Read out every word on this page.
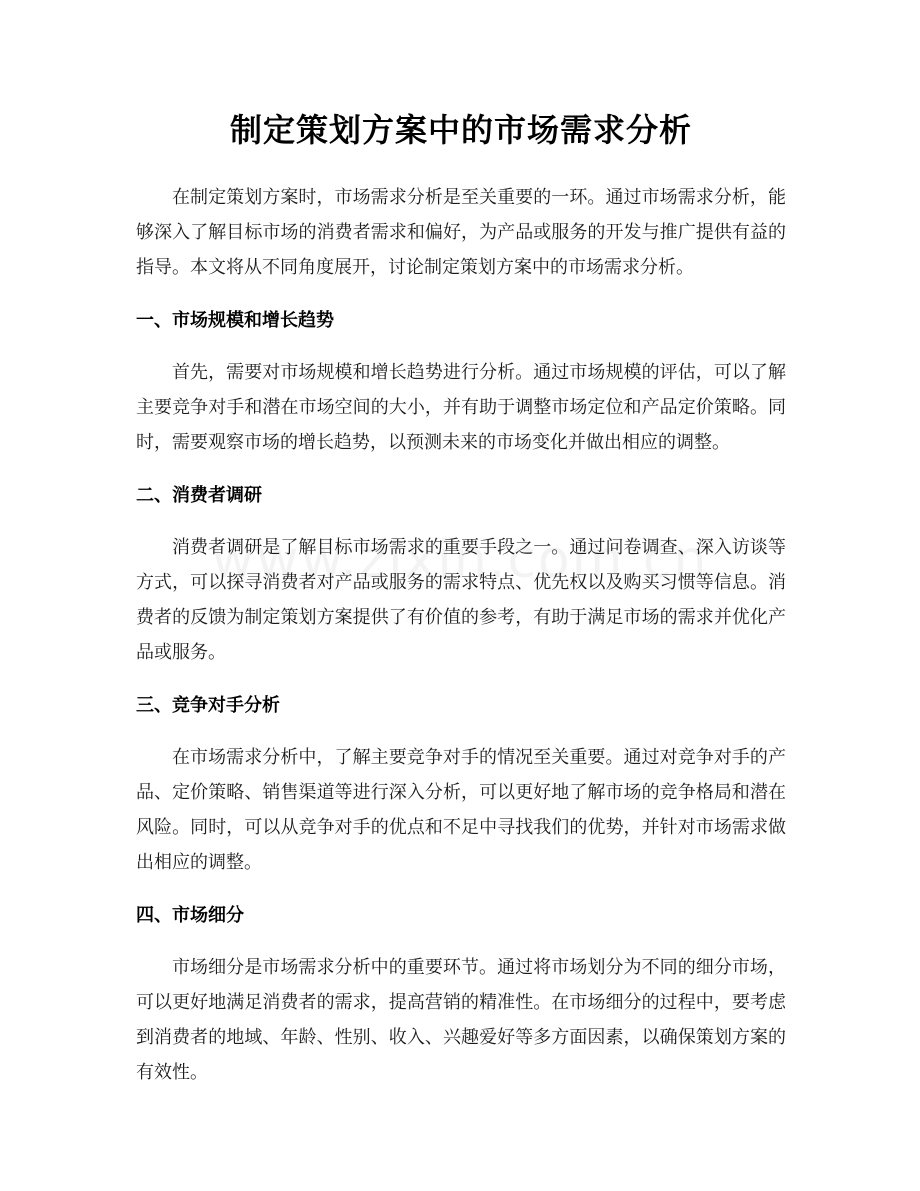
制定策划方案中的市场需求分析

在制定策划方案时，市场需求分析是至关重要的一环。通过市场需求分析，能够深入了解目标市场的消费者需求和偏好，为产品或服务的开发与推广提供有益的指导。本文将从不同角度展开，讨论制定策划方案中的市场需求分析。

一、市场规模和增长趋势

首先，需要对市场规模和增长趋势进行分析。通过市场规模的评估，可以了解主要竞争对手和潜在市场空间的大小，并有助于调整市场定位和产品定价策略。同时，需要观察市场的增长趋势，以预测未来的市场变化并做出相应的调整。

二、消费者调研

消费者调研是了解目标市场需求的重要手段之一。通过问卷调查、深入访谈等方式，可以探寻消费者对产品或服务的需求特点、优先权以及购买习惯等信息。消费者的反馈为制定策划方案提供了有价值的参考，有助于满足市场的需求并优化产品或服务。

三、竞争对手分析

在市场需求分析中，了解主要竞争对手的情况至关重要。通过对竞争对手的产品、定价策略、销售渠道等进行深入分析，可以更好地了解市场的竞争格局和潜在风险。同时，可以从竞争对手的优点和不足中寻找我们的优势，并针对市场需求做出相应的调整。

四、市场细分

市场细分是市场需求分析中的重要环节。通过将市场划分为不同的细分市场，可以更好地满足消费者的需求，提高营销的精准性。在市场细分的过程中，要考虑到消费者的地域、年龄、性别、收入、兴趣爱好等多方面因素，以确保策划方案的有效性。
